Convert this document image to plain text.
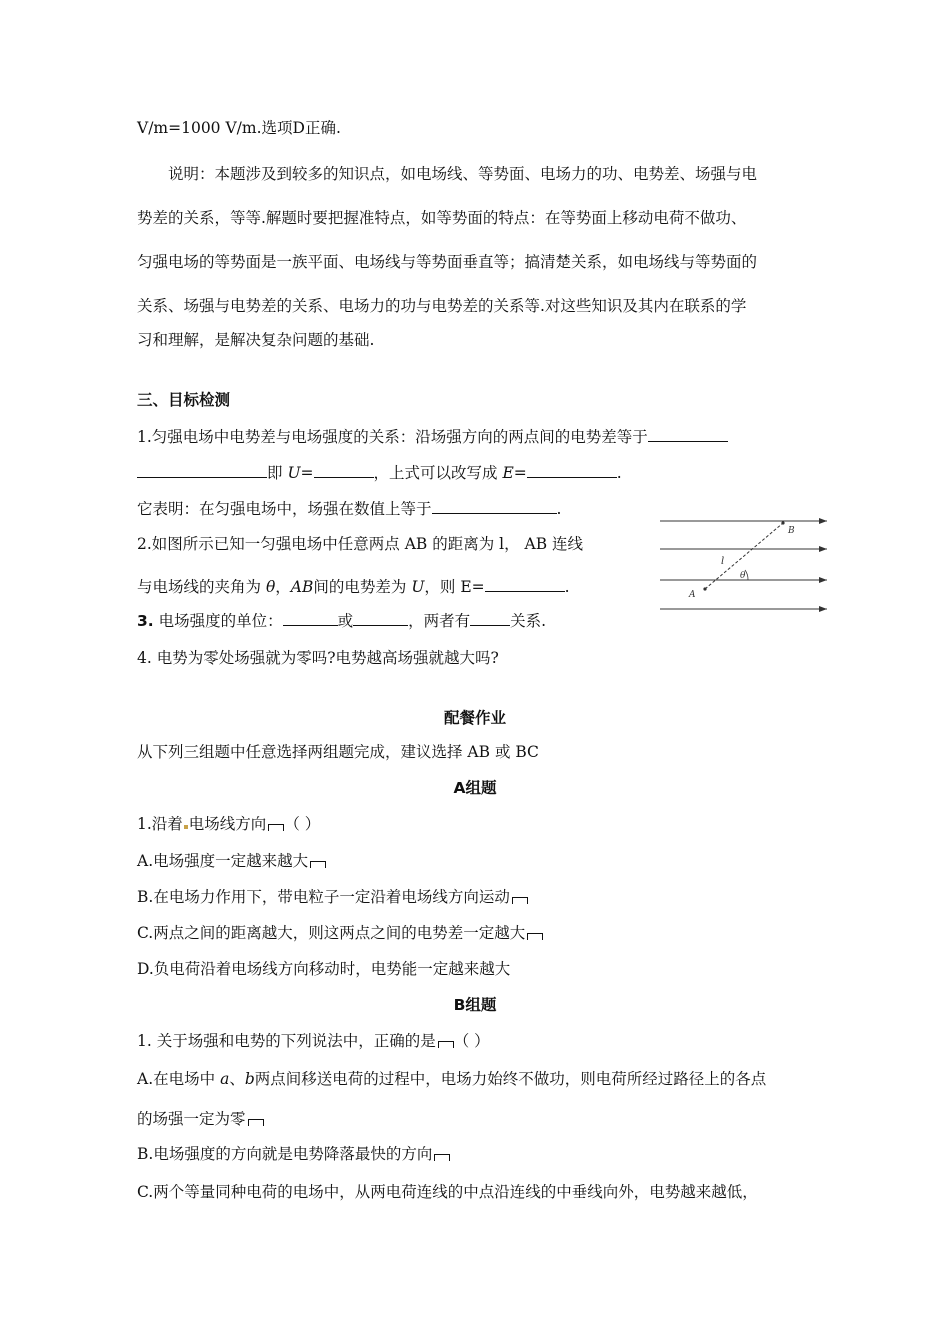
V/m=1000 V/m.选项D正确.
说明：本题涉及到较多的知识点，如电场线、等势面、电场力的功、电势差、场强与电
势差的关系，等等.解题时要把握准特点，如等势面的特点：在等势面上移动电荷不做功、
匀强电场的等势面是一族平面、电场线与等势面垂直等；搞清楚关系，如电场线与等势面的
关系、场强与电势差的关系、电场力的功与电势差的关系等.对这些知识及其内在联系的学
习和理解，是解决复杂问题的基础.
三、目标检测
1.匀强电场中电势差与电场强度的关系：沿场强方向的两点间的电势差等于
即 U=	，上式可以改写成 E=	.
它表明：在匀强电场中，场强在数值上等于	.
2.如图所示已知一匀强电场中任意两点 AB 的距离为 l， AB 连线
与电场线的夹角为 θ，AB间的电势差为 U，则 E=	.
3. 电场强度的单位：	或	，两者有	关系.
4. 电势为零处场强就为零吗?电势越高场强就越大吗?
B
A
l
θ
配餐作业
从下列三组题中任意选择两组题完成，建议选择 AB 或 BC
A组题
1.沿着 电场线方向 （ ）
A.电场强度一定越来越大
B.在电场力作用下，带电粒子一定沿着电场线方向运动
C.两点之间的距离越大，则这两点之间的电势差一定越大
D.负电荷沿着电场线方向移动时，电势能一定越来越大
B组题
1. 关于场强和电势的下列说法中，正确的是 （ ）
A.在电场中 a、b两点间移送电荷的过程中，电场力始终不做功，则电荷所经过路径上的各点
的场强一定为零
B.电场强度的方向就是电势降落最快的方向
C.两个等量同种电荷的电场中，从两电荷连线的中点沿连线的中垂线向外，电势越来越低，
